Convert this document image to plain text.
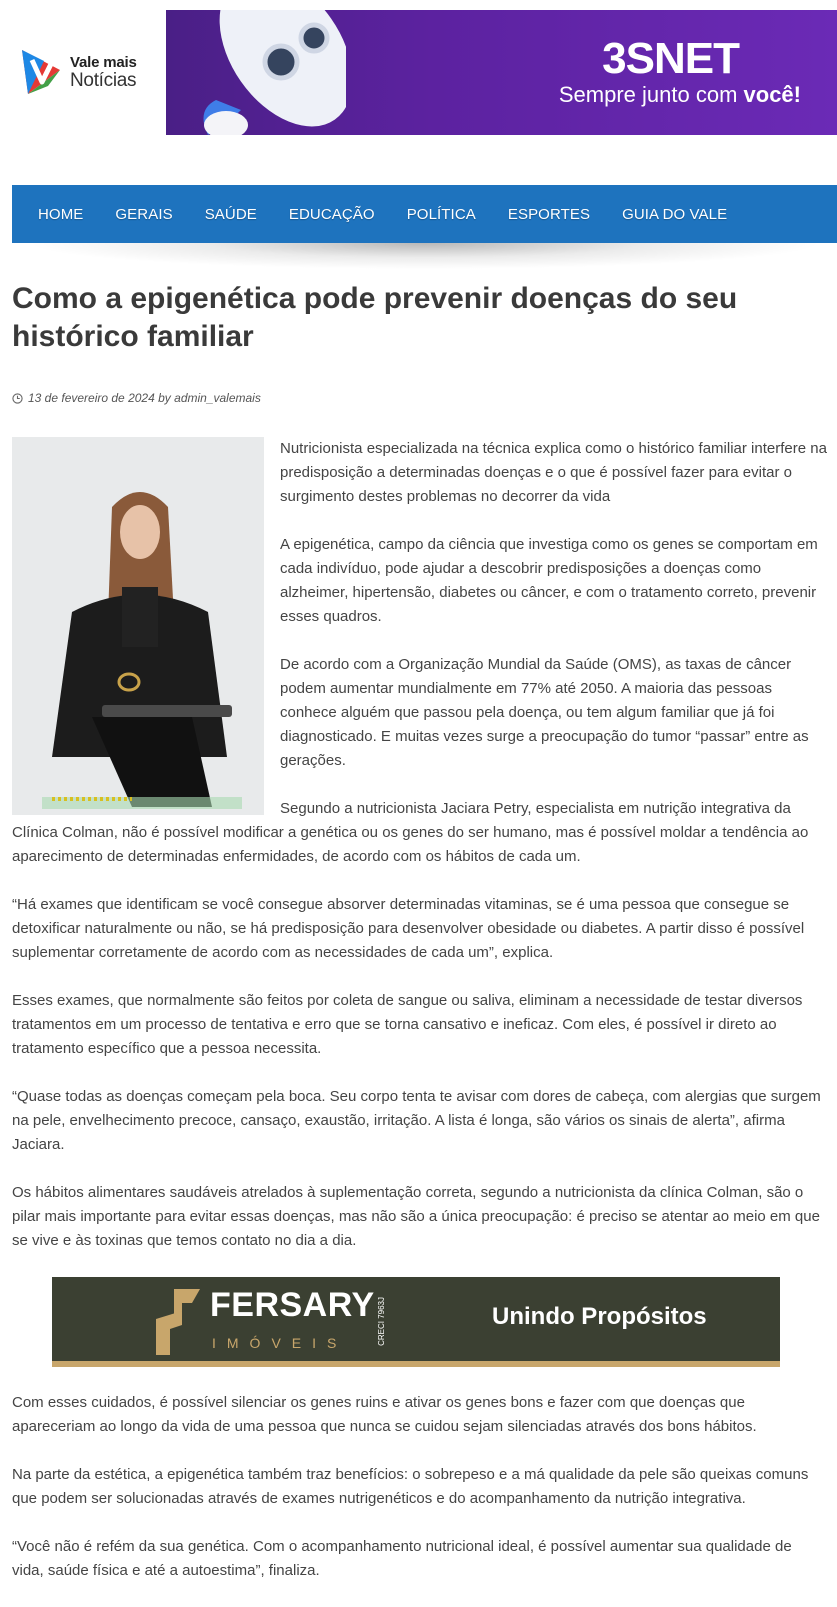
Vale mais
Notícias	3SNET
Sempre junto com você!
HOME GERAIS SAÚDE EDUCAÇÃO POLÍTICA ESPORTES GUIA DO VALE
Como a epigenética pode prevenir doenças do seu histórico familiar
13 de fevereiro de 2024
by
admin_valemais

Nutricionista especializada na técnica explica como o histórico familiar interfere na predisposição a determinadas doenças e o que é possível fazer para evitar o surgimento destes problemas no decorrer da vida

A epigenética, campo da ciência que investiga como os genes se comportam em cada indivíduo, pode ajudar a descobrir predisposições a doenças como alzheimer, hipertensão, diabetes ou câncer, e com o tratamento correto, prevenir esses quadros.

De acordo com a Organização Mundial da Saúde (OMS), as taxas de câncer podem aumentar mundialmente em 77% até 2050. A maioria das pessoas conhece alguém que passou pela doença, ou tem algum familiar que já foi diagnosticado. E muitas vezes surge a preocupação do tumor “passar” entre as gerações.

Segundo a nutricionista Jaciara Petry, especialista em nutrição integrativa da Clínica Colman, não é possível modificar a genética ou os genes do ser humano, mas é possível moldar a tendência ao aparecimento de determinadas enfermidades, de acordo com os hábitos de cada um.

“Há exames que identificam se você consegue absorver determinadas vitaminas, se é uma pessoa que consegue se detoxificar naturalmente ou não, se há predisposição para desenvolver obesidade ou diabetes. A partir disso é possível suplementar corretamente de acordo com as necessidades de cada um”, explica.

Esses exames, que normalmente são feitos por coleta de sangue ou saliva, eliminam a necessidade de testar diversos tratamentos em um processo de tentativa e erro que se torna cansativo e ineficaz. Com eles, é possível ir direto ao tratamento específico que a pessoa necessita.

“Quase todas as doenças começam pela boca. Seu corpo tenta te avisar com dores de cabeça, com alergias que surgem na pele, envelhecimento precoce, cansaço, exaustão, irritação. A lista é longa, são vários os sinais de alerta”, afirma Jaciara.

Os hábitos alimentares saudáveis atrelados à suplementação correta, segundo a nutricionista da clínica Colman, são o pilar mais importante para evitar essas doenças, mas não são a única preocupação: é preciso se atentar ao meio em que se vive e às toxinas que temos contato no dia a dia.

FERSARY
IMÓVEIS	CRECI 7963J	Unindo Propósitos

Com esses cuidados, é possível silenciar os genes ruins e ativar os genes bons e fazer com que doenças que apareceriam ao longo da vida de uma pessoa que nunca se cuidou sejam silenciadas através dos bons hábitos.

Na parte da estética, a epigenética também traz benefícios: o sobrepeso e a má qualidade da pele são queixas comuns que podem ser solucionadas através de exames nutrigenéticos e do acompanhamento da nutrição integrativa.

“Você não é refém da sua genética. Com o acompanhamento nutricional ideal, é possível aumentar sua qualidade de vida, saúde física e até a autoestima”, finaliza.
